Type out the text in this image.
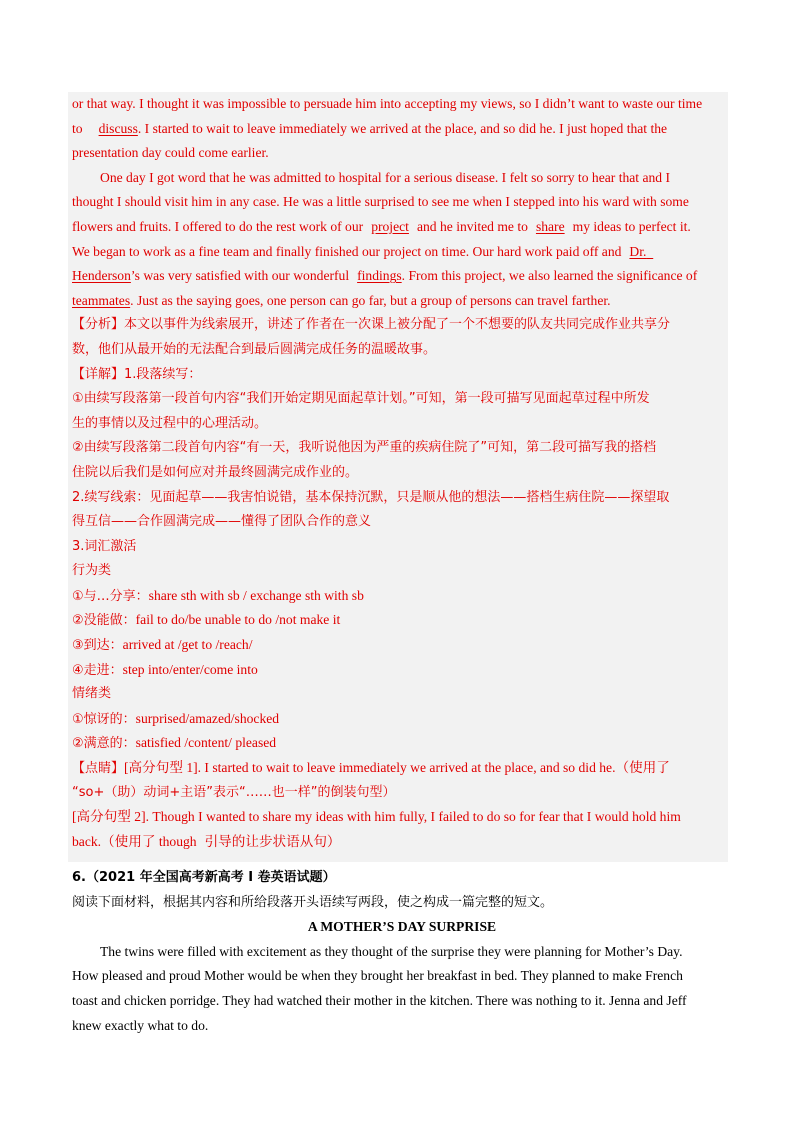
or that way. I thought it was impossible to persuade him into accepting my views, so I didn’t want to waste our time
to discuss. I started to wait to leave immediately we arrived at the place, and so did he. I just hoped that the
presentation day could come earlier.
One day I got word that he was admitted to hospital for a serious disease. I felt so sorry to hear that and I
thought I should visit him in any case. He was a little surprised to see me when I stepped into his ward with some
flowers and fruits. I offered to do the rest work of our project and he invited me to share my ideas to perfect it.
We began to work as a fine team and finally finished our project on time. Our hard work paid off and Dr.
Henderson’s was very satisfied with our wonderful findings. From this project, we also learned the significance of
teammates. Just as the saying goes, one person can go far, but a group of persons can travel farther.
【分析】本文以事件为线索展开，讲述了作者在一次课上被分配了一个不想要的队友共同完成作业共享分
数，他们从最开始的无法配合到最后圆满完成任务的温暖故事。
【详解】1.段落续写：
①由续写段落第一段首句内容“我们开始定期见面起草计划。”可知，第一段可描写见面起草过程中所发
生的事情以及过程中的心理活动。
②由续写段落第二段首句内容“有一天，我听说他因为严重的疾病住院了”可知，第二段可描写我的搭档
住院以后我们是如何应对并最终圆满完成作业的。
2.续写线索：见面起草——我害怕说错，基本保持沉默，只是顺从他的想法——搭档生病住院——探望取
得互信——合作圆满完成——懂得了团队合作的意义
3.词汇激活
行为类
①与…分享：share sth with sb / exchange sth with sb
②没能做：fail to do/be unable to do /not make it
③到达：arrived at /get to /reach/
④走进：step into/enter/come into
情绪类
①惊讶的：surprised/amazed/shocked
②满意的：satisfied /content/ pleased
【点睛】[高分句型 1]. I started to wait to leave immediately we arrived at the place, and so did he.（使用了
“so+（助）动词+主语”表示“……也一样”的倒装句型）
[高分句型 2]. Though I wanted to share my ideas with him fully, I failed to do so for fear that I would hold him
back.（使用了 though 引导的让步状语从句）
6.（2021 年全国高考新高考 I 卷英语试题）
阅读下面材料，根据其内容和所给段落开头语续写两段，使之构成一篇完整的短文。
A MOTHER’S DAY SURPRISE
The twins were filled with excitement as they thought of the surprise they were planning for Mother’s Day.
How pleased and proud Mother would be when they brought her breakfast in bed. They planned to make French
toast and chicken porridge. They had watched their mother in the kitchen. There was nothing to it. Jenna and Jeff
knew exactly what to do.
